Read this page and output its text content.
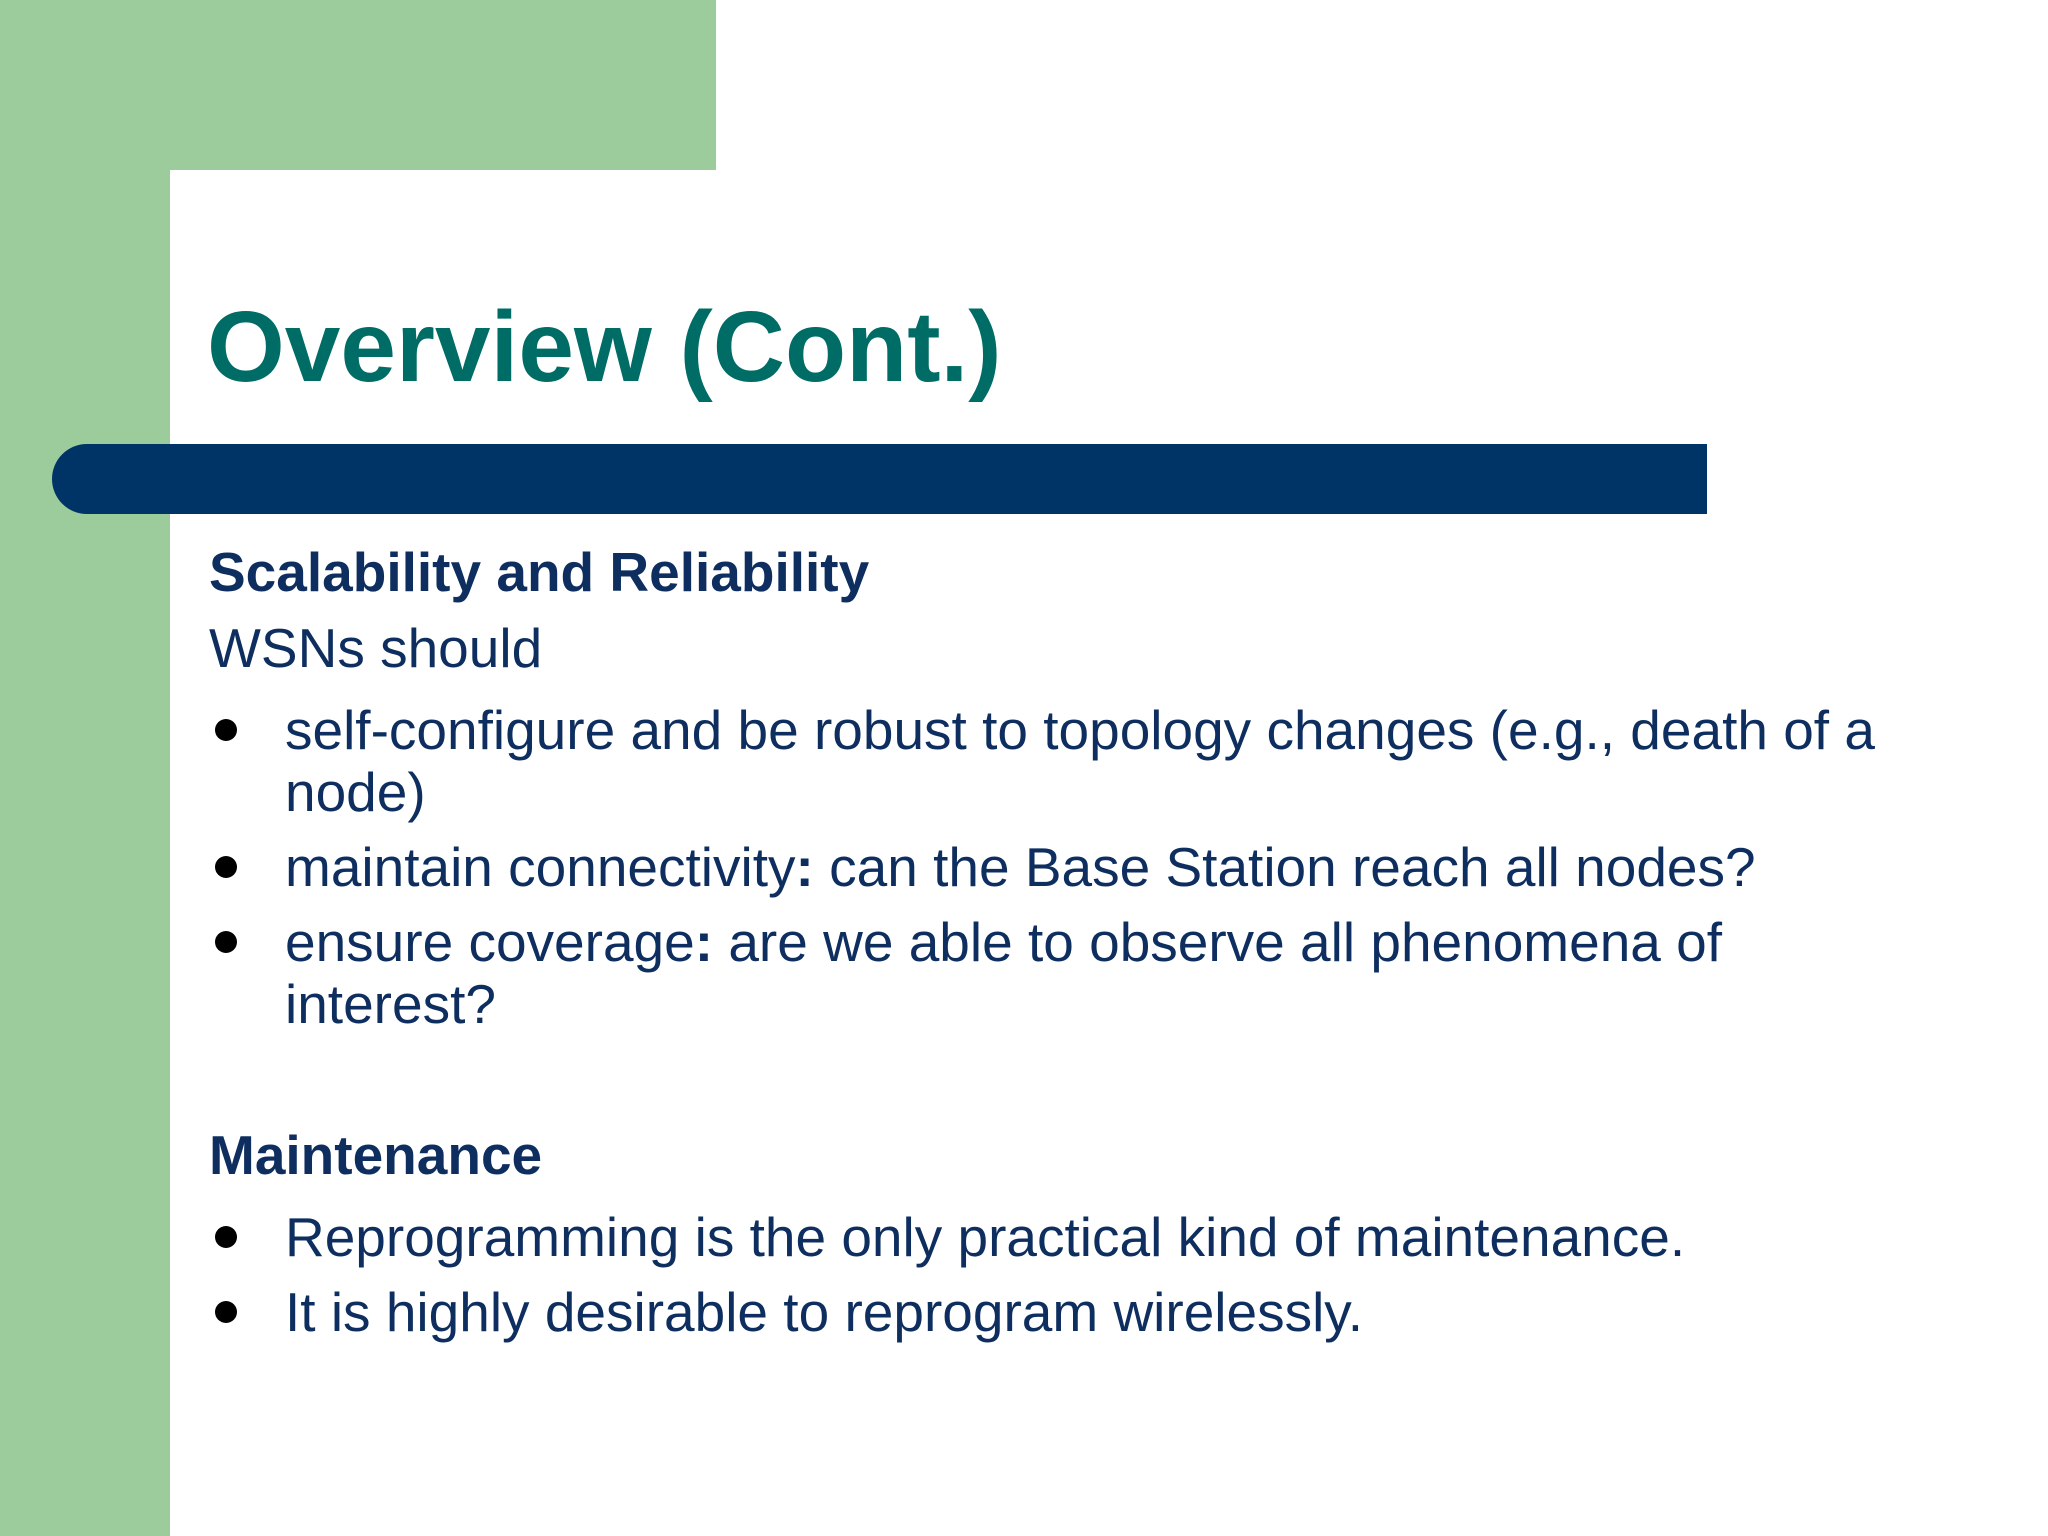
Overview (Cont.)
Scalability and Reliability
WSNs should
self-configure and be robust to topology changes (e.g., death of a node)
maintain connectivity: can the Base Station reach all nodes?
ensure coverage: are we able to observe all phenomena of interest?
Maintenance
Reprogramming is the only practical kind of maintenance.
It is highly desirable to reprogram wirelessly.
